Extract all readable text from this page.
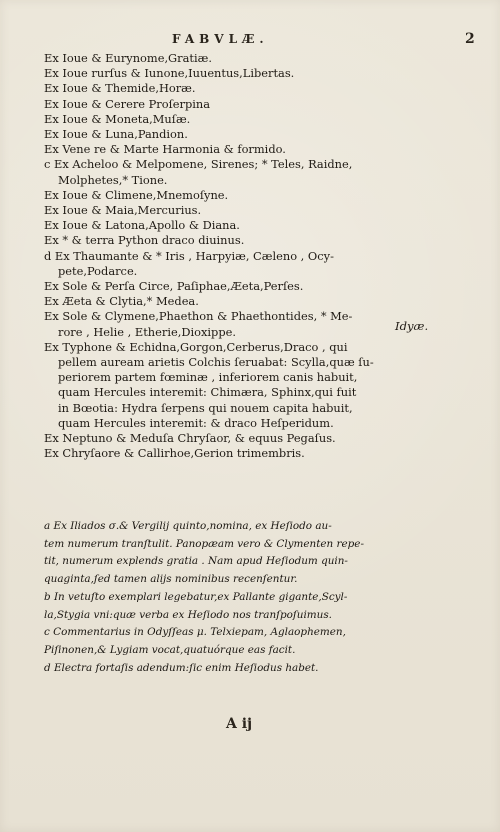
FABVLÆ.	2
Ex Ioue & Eurynome,Gratiæ.
Ex Ioue rurſus & Iunone,Iuuentus,Libertas.
Ex Ioue & Themide,Horæ.
Ex Ioue & Cerere Proſerpina
Ex Ioue & Moneta,Muſæ.
Ex Ioue & Luna,Pandion.
Ex Vene re & Marte Harmonia & formido.
c Ex Acheloo & Melpomene, Sirenes; * Teles, Raidne,
Molphetes,* Tione.
Ex Ioue & Climene,Mnemoſyne.
Ex Ioue & Maia,Mercurius.
Ex Ioue & Latona,Apollo & Diana.
Ex * & terra Python draco diuinus.
d Ex Thaumante & * Iris , Harpyiæ, Cæleno , Ocy-
pete,Podarce.
Ex Sole & Perſa Circe, Paſiphae,Æeta,Perſes.
Ex Æeta & Clytia,* Medea.
Ex Sole & Clymene,Phaethon & Phaethontides, * Me-
rore , Helie , Etherie,Dioxippe.
Ex Typhone & Echidna,Gorgon,Cerberus,Draco , qui
pellem auream arietis Colchis ſeruabat: Scylla,quæ ſu-
periorem partem fœminæ , inferiorem canis habuit,
quam Hercules interemit: Chimæra, Sphinx,qui fuit
in Bœotia: Hydra ſerpens qui nouem capita habuit,
quam Hercules interemit: & draco Heſperidum.
Ex Neptuno & Meduſa Chryſaor, & equus Pegaſus.
Ex Chryſaore & Callirhoe,Gerion trimembris.
Idyæ.
a Ex Iliados σ.& Vergilij quinto,nomina, ex Heſiodo au-
tem numerum tranſtulit. Panopæam vero & Clymenten repe-
tit, numerum explends gratia . Nam apud Heſiodum quin-
quaginta,ſed tamen alijs nominibus recenſentur.
b In vetuſto exemplari legebatur,ex Pallante gigante,Scyl-
la,Stygia vni:quæ verba ex Heſiodo nos tranſpoſuimus.
c Commentarius in Odyſſeas μ. Telxiepam, Aglaophemen,
Piſinonen,& Lygiam vocat,quatuórque eas facit.
d Electra fortaſis adendum:ſic enim Heſiodus habet.
A ij
